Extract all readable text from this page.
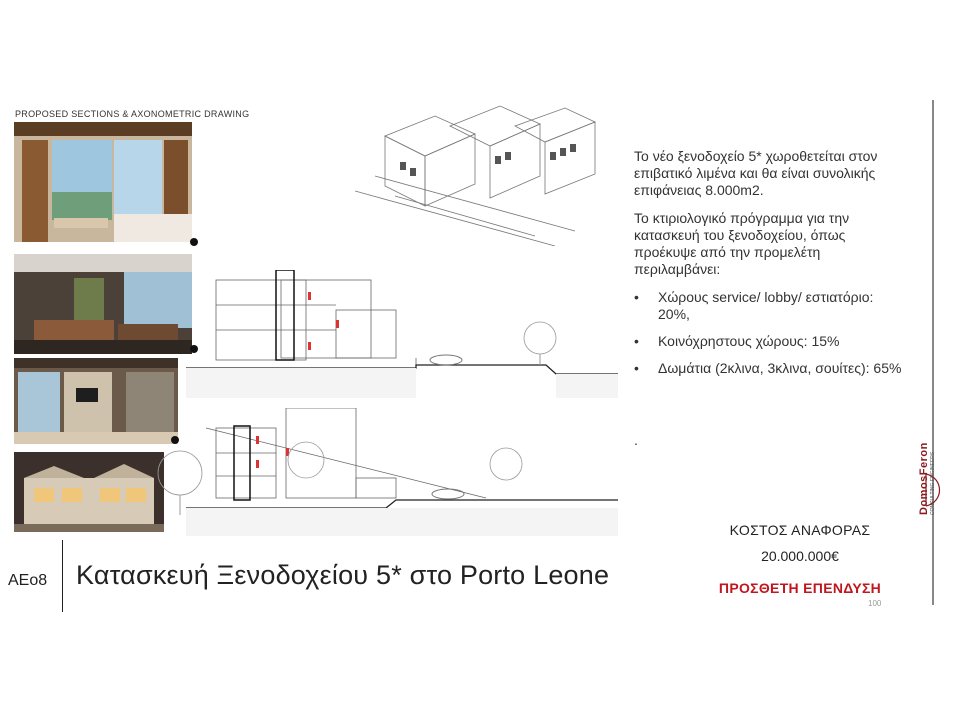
PROPOSED SECTIONS & AXONOMETRIC DRAWING

Το νέο ξενοδοχείο 5* χωροθετείται στον επιβατικό λιμένα και θα είναι συνολικής επιφάνειας 8.000m2.

Το κτιριολογικό πρόγραμμα για την κατασκευή του ξενοδοχείου, όπως προέκυψε από την προμελέτη περιλαμβάνει:

• Χώρους service/ lobby/ εστιατόριο: 20%,
• Κοινόχρηστους χώρους: 15%
• Δωμάτια (2κλινα, 3κλινα, σουίτες): 65%
.
DomosFeron CONSULTING ENGINEERS
ΚΟΣΤΟΣ ΑΝΑΦΟΡΑΣ
20.000.000€
ΠΡΟΣΘΕΤΗ ΕΠΕΝΔΥΣΗ
100
ΑΕο8 Κατασκευή Ξενοδοχείου 5* στο Porto Leone
